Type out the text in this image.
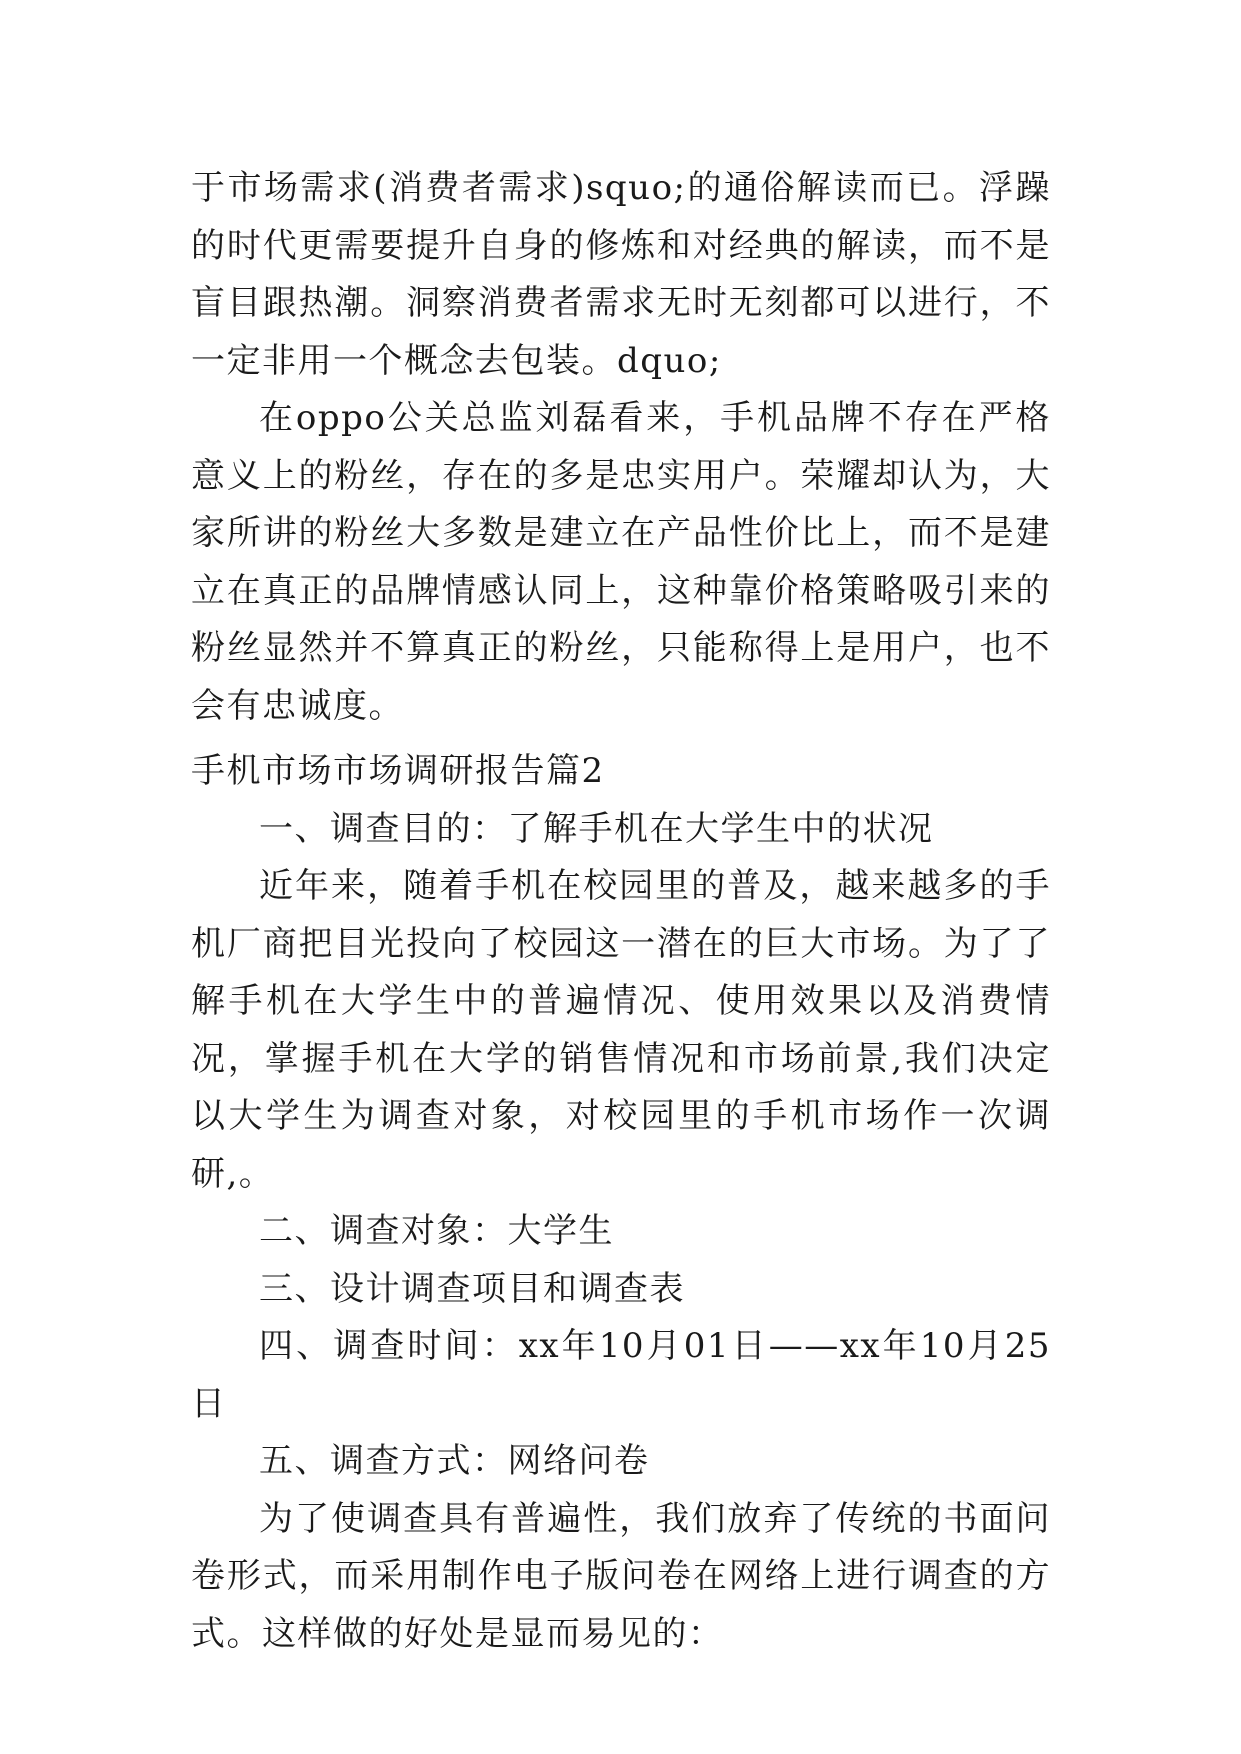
于市场需求(消费者需求)squo;的通俗解读而已。浮躁的时代更需要提升自身的修炼和对经典的解读，而不是盲目跟热潮。洞察消费者需求无时无刻都可以进行，不一定非用一个概念去包装。dquo;

在oppo公关总监刘磊看来，手机品牌不存在严格意义上的粉丝，存在的多是忠实用户。荣耀却认为，大家所讲的粉丝大多数是建立在产品性价比上，而不是建立在真正的品牌情感认同上，这种靠价格策略吸引来的粉丝显然并不算真正的粉丝，只能称得上是用户，也不会有忠诚度。

手机市场市场调研报告篇2

一、调查目的：了解手机在大学生中的状况

近年来，随着手机在校园里的普及，越来越多的手机厂商把目光投向了校园这一潜在的巨大市场。为了了解手机在大学生中的普遍情况、使用效果以及消费情况，掌握手机在大学的销售情况和市场前景,我们决定以大学生为调查对象，对校园里的手机市场作一次调研,。

二、调查对象：大学生

三、设计调查项目和调查表

四、调查时间：xx年10月01日——xx年10月25日

五、调查方式：网络问卷

为了使调查具有普遍性，我们放弃了传统的书面问卷形式，而采用制作电子版问卷在网络上进行调查的方式。这样做的好处是显而易见的：
